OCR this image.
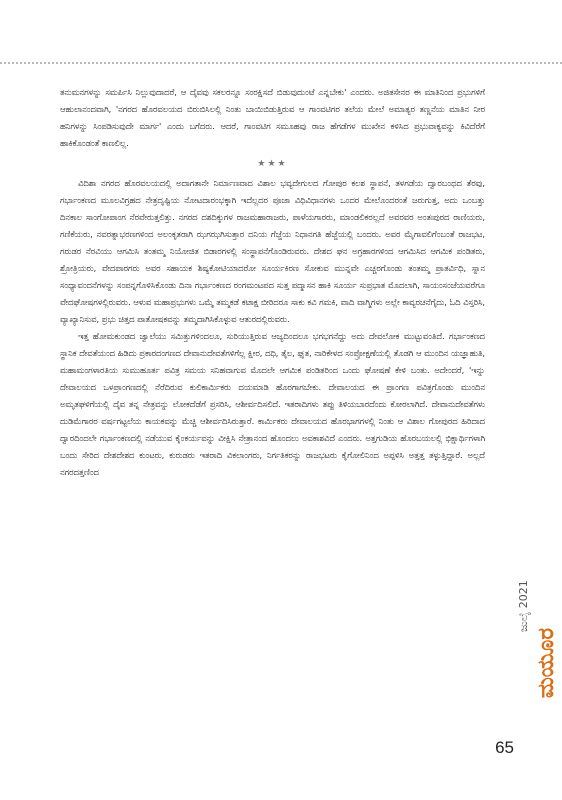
ತನುಮನಗಳನ್ನು ಸಮರ್ಪಿಸಿ ನಿಲ್ಲುವುದಾದರೆ, ಆ ದೈವವು ಸಕಲರನ್ನೂ ಸಂರಕ್ಷಿಸದೆ ಬಿಡುವುದುಂಟೆ ಎನ್ನಬೇಕು' ಎಂದರು. ಅಜಿತಸೇನರ ಈ ಮಾತಿನಿಂದ ಪ್ರಭುಗಳಿಗೆ ಆಹುಲಾನಂದವಾಗಿ, 'ನಗರದ ಹೊರವಲಯದ ಬಿರುಬಿಸಿಲಲ್ಲಿ ನಿಂತು ಬಾಯಿಬಿಡುತ್ತಿರುವ ಆ ಗಾಂವಟಿಗರ ತಲೆಯ ಮೇಲೆ ಅಮಾತ್ಯರ ತಣ್ಣನೆಯ ಮಾತಿನ ನೀರ ಹನಿಗಳನ್ನು ಸಿಂಪಡಿಸುವುದೇ ಮಾರ್ಗ' ಎಂದು ಬಗೆದರು. ಆದರೆ, ಗಾಂವಟಿಗ ಸಮೂಹವು ರಾಜ ಹೆಗಡೆಗಳ ಮುಖೇನ ಕಳಿಸಿದ ಪ್ರಭುವಾಕ್ಯವನ್ನು ಕಿವಿದೆರೆಗೆ ಹಾಕಿಕೊಂಡಂತೆ ಕಾಣಲಿಲ್ಲ.

★★★

ವಿದಿಶಾ ನಗರದ ಹೊರವಲಯದಲ್ಲಿ ಅದಾಗತಾನೇ ನಿರ್ಮಾಣವಾದ ವಿಶಾಲ ಭವ್ಯದೇಗುಲದ ಗೋಪುರ ಕಲಶ ಸ್ಥಾಪನೆ, ತಳಗಡೆಯ ದ್ವಾರಬಂಧದ ತೆರವು, ಗರ್ಭಾಂಕಣದ ಮೂಲವಿಗ್ರಹದ ನೇತ್ರದೃಷ್ಟಿಯ ನೋಟದಾರಂಭಕ್ಕಾಗಿ ಇದೆಲ್ಲದರ ಪೂಜಾ ವಿಧಿವಿಧಾನಗಳು ಒಂದರ ಮೇಲೊಂದರಂತೆ ಜರುಗುತ್ತ, ಅದು ಒಂಬತ್ತು ದಿನಕಾಲ ಸಾಂಗೋಪಾಂಗ ನೆರವೇರುತ್ತಲಿತ್ತು. ನಗರದ ದಶದಿಕ್ಕುಗಳ ರಾಜಮಹಾರಾಜರು, ಪಾಳೆಯಗಾರರು, ಮಾಂಡಲಿಕರಲ್ಲದೆ ಅವರವರ ಅಂತಃಪುರದ ರಾಣಿಯರು, ಗಣಿಕೆಯರು, ನವರತ್ನಾಭರಣಗಳಿಂದ ಅಲಂಕೃತರಾಗಿ ಝಗಝಗಿಸುತ್ತಾರ ದನಿಯ ಗೆಜ್ಜೆಯ ನಿಧಾನಗತಿ ಹೆಜ್ಜೆಯಲ್ಲಿ ಬಂದರು. ಅವರ ಮೈಗಾವಲಿಗೆಂಬಂತೆ ರಾಜಭಟ, ಗರುಡರ ನೆರವಿಯು ಆಗಮಿಸಿ ತಂತಮ್ಮ ನಿಯೋಜಿತ ಬಿಡಾರಗಳಲ್ಲಿ ಸಂಸ್ಥಾಪನೆಗೊಂಡಿರುವರು. ದೇಶದ ಘನ ಅಗ್ರಹಾರಗಳಿಂದ ಆಗಮಿಸಿದ ಆಗಮಿಕ ಪಂಡಿತರು, ಶ್ರೋತ್ರಿಯರು, ವೇದಪಾರಗರು ಅವರ ಸಹಾಯಕ ಶಿಷ್ಯಕೋಟಿಯಾದರೋ ಸೂರ್ಯಕಿರಣ ಸೋಕುವ ಮುನ್ನವೇ ಎಚ್ಚರಗೊಂಡು ತಂತಮ್ಮ ಪ್ರಾತರ್ವಿಧಿ, ಸ್ನಾನ ಸಂಧ್ಯಾವಂದನೆಗಳನ್ನು ಸಂಪನ್ನಗೊಳಿಸಿಕೊಂಡು ದಿನಾ ಗರ್ಭಾಂಕಣದ ರಂಗಮಂಟಪದ ಸುತ್ತ ಪದ್ಮಾಸನ ಹಾಕಿ ಸೂರ್ಯ ಸುಪ್ರಭಾತ ಮೊದಲಾಗಿ, ಸಾಯಂಸಂಜೆಯವರೆಗೂ ವೇದಘೋಷಗಳಲ್ಲಿರುವರು. ಆಳುವ ಮಹಾಪ್ರಭುಗಳು ಒಮ್ಮೆ ತಮ್ಮಕಡೆ ಕಟಾಕ್ಷ ಬೀರಿದರೂ ಸಾಕು ಕವಿ ಗಮಕಿ, ವಾದಿ ವಾಗ್ಮಿಗಳು ಅಲ್ಲೇ ಕಾವ್ಯರಚನೆಗೈದು, ಓದಿ ವಿಸ್ತರಿಸಿ, ವ್ಯಾಖ್ಯಾನಿಸುವ, ಪ್ರಭು ಚಿತ್ತದ ಪಾತೋಷಕವನ್ನು ತಮ್ಮದಾಗಿಸಿಕೊಳ್ಳುವ ಆತುರದಲ್ಲಿರುವರು.

ಇತ್ತ ಹೋಮಕುಂಡದ ಜ್ವಾಲೆಯು ಸಮಿತ್ತುಗಳಿಂದಲೂ, ಸುರಿಯುತ್ತಿರುವ ಆಜ್ಯದಿಂದಲೂ ಭಗಭಗನೆದ್ದು ಅದು ದೇವಲೋಕ ಮುಟ್ಟುವಂತಿದೆ. ಗರ್ಭಾಂಕಣದ ಸ್ಥಾನಿಕ ದೇವತೆಯಂದ ಹಿಡಿದು ಪ್ರಕಾರದಂಗಣದ ದೇವಾನುದೇವತೆಗಳಿಗೆಲ್ಲ ಕ್ಷೀರ, ದಧಿ, ತೈಲ, ಘೃತ, ನಾರಿಕೇಳದ ಸಂಪ್ರೋಕ್ಷಣೆಯಲ್ಲಿ ತೊಡಗಿ ಆ ಮುಂದಿನ ಯಜ್ಞಾಹುತಿ, ಮಹಾಮಂಗಳಾರತಿಯ ಸುಮುಹೂರ್ತ ಪವಿತ್ರ ಸಮಯ ಸನಿಹವಾಗುವ ಮೊದಲೇ ಆಗಮಿಕ ಪಂಡಿತರಿಂದ ಒಂದು ಘೋಷಣೆ ಕೇಳಿ ಬಂತು. ಅದೇಂದರೆ, 'ಇನ್ನು ದೇವಾಲಯದ ಒಳಪ್ರಾಂಗಣದಲ್ಲಿ ನೆರೆದಿರುವ ಕುಲಿಕಾರ್ಮಿಕರು ದಯಮಾಡಿ ಹೊರಗಾಗಬೇಕು. ದೇವಾಲಯದ ಈ ಪ್ರಾಂಗಣ ಪವಿತ್ರಗೊಂಡು ಮುಂದಿನ ಅಮೃತಘಳಿಗೆಯಲ್ಲಿ ದೈವ ತನ್ನ ನೇತ್ರವನ್ನು ಲೋಕದೆಡೆಗೆ ಪ್ರಸರಿಸಿ, ಆಶೀರ್ವದಿಸಲಿದೆ. ಇತರಾದಿಗಳು ತಪ್ಪು ತಿಳಿಯಬಾರದೆಂದು ಕೋರಲಾಗಿದೆ. ದೇವಾನುದೇವತೆಗಳು ದುಡಿಮೆಗಾರರ ವರ್ಷಗಟ್ಟಲೆಯ ಕಾಯಕವನ್ನು ಮೆಚ್ಚಿ ಆಶೀರ್ವದಿಸಿರುತ್ತಾರೆ. ಕಾರ್ಮಿಕರು ದೇವಾಲಯದ ಹೊರಭಾಗಗಳಲ್ಲಿ ನಿಂತು ಆ ವಿಶಾಲ ಗೋಪುರದ ಹಿರಿದಾದ ದ್ವಾರದಿಂದಲೇ ಗರ್ಭಾಂಕಣದಲ್ಲಿ ನಡೆಯುವ ಕೈಂಕರ್ಯವನ್ನು ವೀಕ್ಷಿಸಿ ನೇತ್ರಾನಂದ ಹೊಂದಲು ಅವಕಾಶವಿದೆ ಎಂದರು. ಅತ್ತಗುಡಿಯ ಹೊರಬಯಲಲ್ಲಿ ಭಿಕ್ಷಾರ್ಥಿಗಳಾಗಿ ಬಂದು ಸೇರಿದ ದೇಶದೇಶದ ಕುಂಟರು, ಕುರುಡರು ಇತರಾದಿ ವಿಕಲಾಂಗರು, ನಿರ್ಗತಿಕರನ್ನು ರಾಜಭಟರು ಕೈಗೋಲಿನಿಂದ ಅಪ್ಪಳಿಸಿ ಅತ್ತತ್ತ ತಳ್ಳುತ್ತಿದ್ದಾರೆ. ಅಲ್ಲದೆ ನಗರದತ್ತಣಿಂದ

ಜುಲೈ 2021
ಮಯೂರ
65
